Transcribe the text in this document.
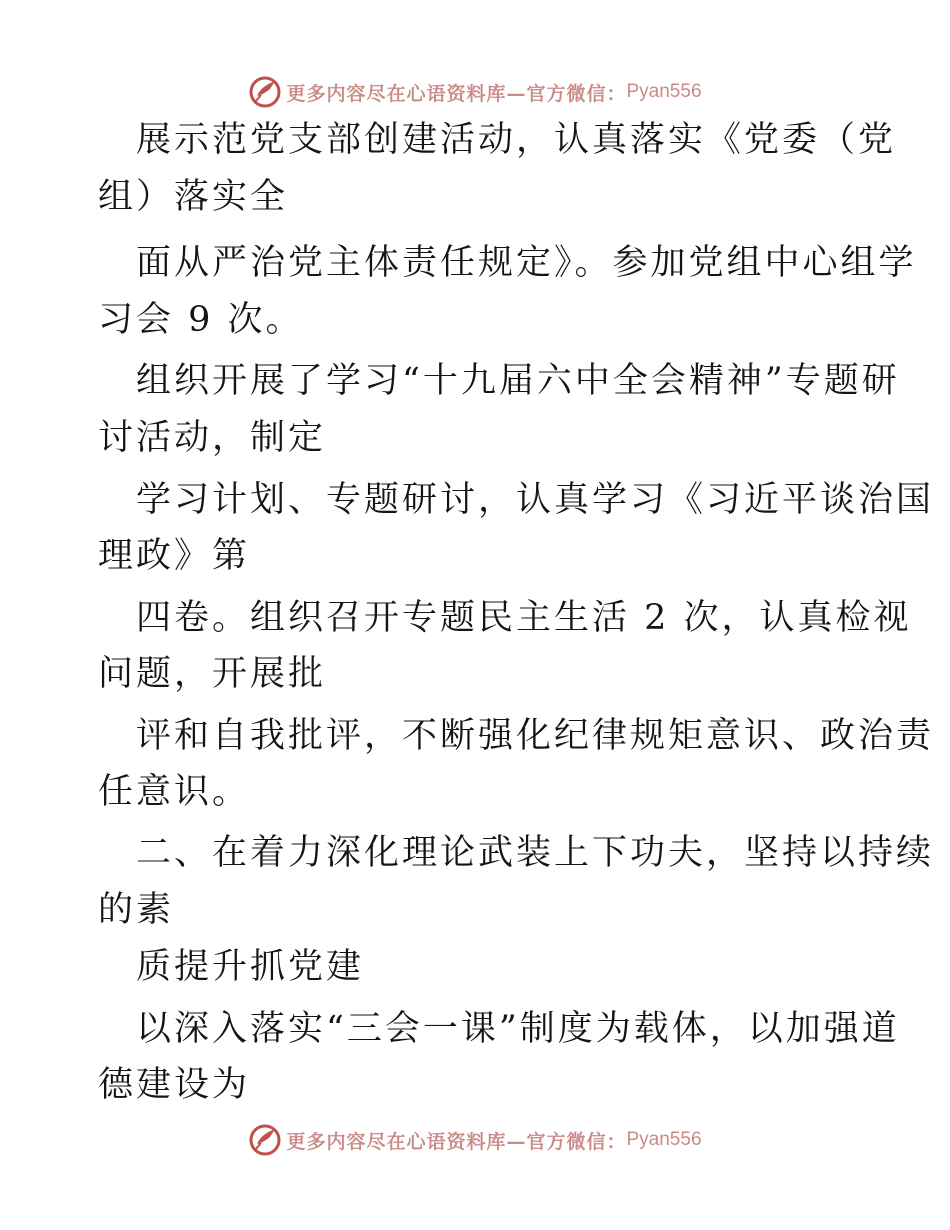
更多内容尽在心语资料库—官方微信： Pyan556
展示范党支部创建活动，认真落实《党委（党
组）落实全
面从严治党主体责任规定》。参加党组中心组学
习会 9 次。
组织开展了学习“十九届六中全会精神”专题研
讨活动，制定
学习计划、专题研讨，认真学习《习近平谈治国
理政》第
四卷。组织召开专题民主生活 2 次，认真检视
问题，开展批
评和自我批评，不断强化纪律规矩意识、政治责
任意识。
二、在着力深化理论武装上下功夫，坚持以持续
的素
质提升抓党建
以深入落实“三会一课”制度为载体，以加强道
德建设为
更多内容尽在心语资料库—官方微信： Pyan556
